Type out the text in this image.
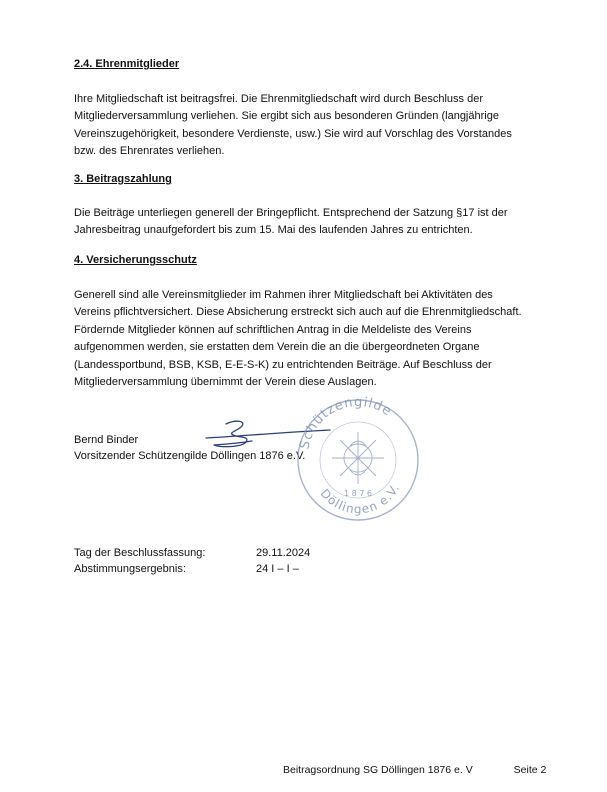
2.4. Ehrenmitglieder
Ihre Mitgliedschaft ist beitragsfrei. Die Ehrenmitgliedschaft wird durch Beschluss der
Mitgliederversammlung verliehen. Sie ergibt sich aus besonderen Gründen (langjährige
Vereinszugehörigkeit, besondere Verdienste, usw.) Sie wird auf Vorschlag des Vorstandes
bzw. des Ehrenrates verliehen.
3. Beitragszahlung
Die Beiträge unterliegen generell der Bringepflicht. Entsprechend der Satzung §17 ist der
Jahresbeitrag unaufgefordert bis zum 15. Mai des laufenden Jahres zu entrichten.
4. Versicherungsschutz
Generell sind alle Vereinsmitglieder im Rahmen ihrer Mitgliedschaft bei Aktivitäten des
Vereins pflichtversichert. Diese Absicherung erstreckt sich auch auf die Ehrenmitgliedschaft.
Fördernde Mitglieder können auf schriftlichen Antrag in die Meldeliste des Vereins
aufgenommen werden, sie erstatten dem Verein die an die übergeordneten Organe
(Landessportbund, BSB, KSB, E-E-S-K) zu entrichtenden Beiträge. Auf Beschluss der
Mitgliederversammlung übernimmt der Verein diese Auslagen.
Bernd Binder
Vorsitzender Schützengilde Döllingen 1876 e.V.
Schützengilde
Döllingen e.V.
1 8 7 6
Tag der Beschlussfassung:	29.11.2024
Abstimmungsergebnis:	24 I – I –
Beitragsordnung SG Döllingen 1876 e. V	Seite 2
